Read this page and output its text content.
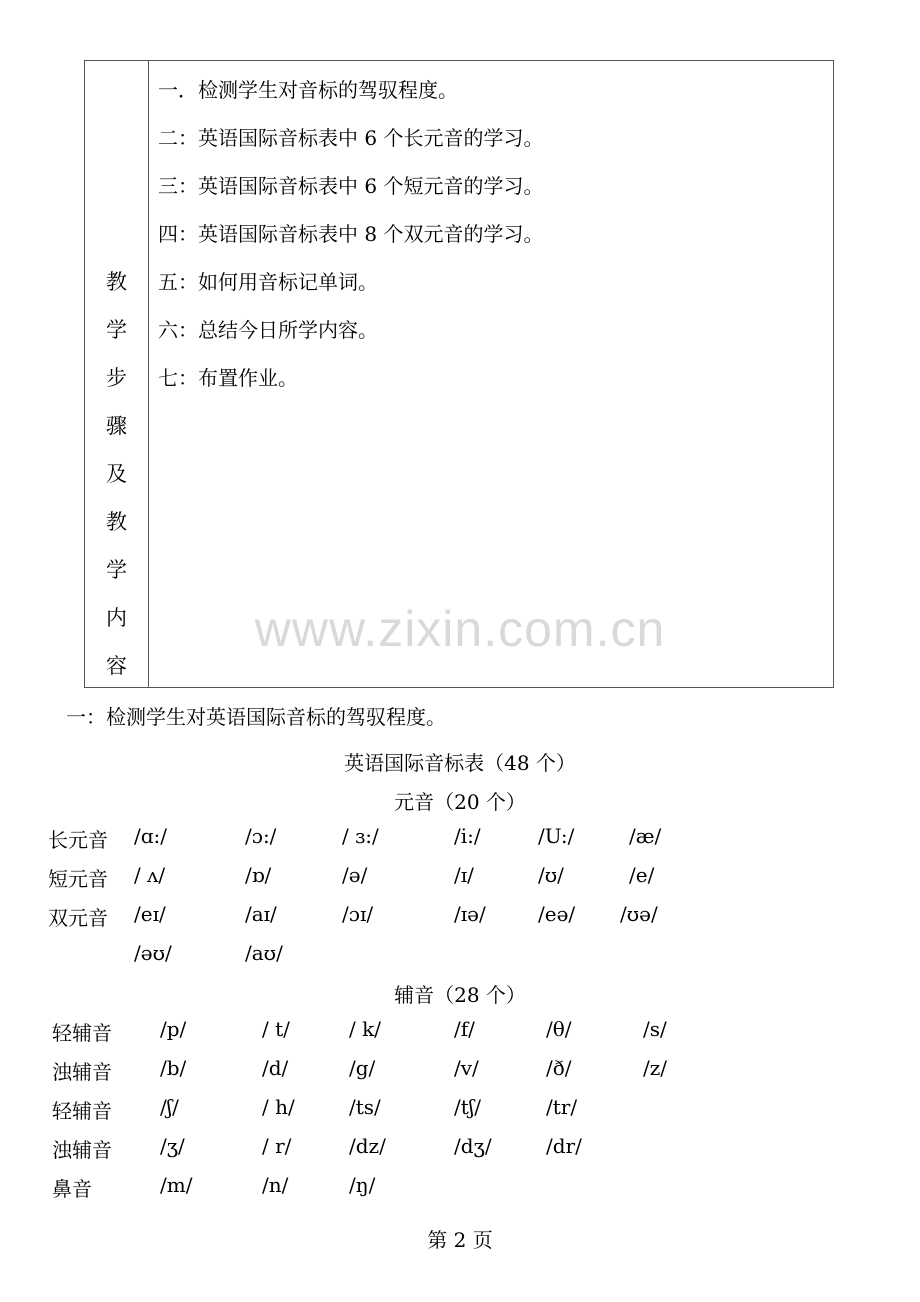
教
学
步
骤
及
教
学
内
容
一．检测学生对音标的驾驭程度。
二：英语国际音标表中 6 个长元音的学习。
三：英语国际音标表中 6 个短元音的学习。
四：英语国际音标表中 8 个双元音的学习。
五：如何用音标记单词。
六：总结今日所学内容。
七：布置作业。
www.zixin.com.cn
一：检测学生对英语国际音标的驾驭程度。
英语国际音标表（48 个）
元音（20 个）
长元音 /ɑ:/	/ɔ:/	/ ɜ:/	/i:/	/U:/	/æ/
短元音 / ʌ/	/ɒ/	/ə/	/ɪ/	/ʊ/	/e/
双元音 /eɪ/	/aɪ/	/ɔɪ/	/ɪə/	/eə/ /ʊə/
/əʊ/	/aʊ/
辅音（28 个）
轻辅音 /p/	/ t/	/ k/	/f/	/θ/	/s/
浊辅音 /b/	/d/	/g/	/v/	/ð/	/z/
轻辅音 /ʃ/	/ h/	/ts/	/tʃ/	/tr/
浊辅音 /ʒ/	/ r/	/dz/	/dʒ/	/dr/
鼻音	/m/	/n/	/ŋ/
第 2 页
